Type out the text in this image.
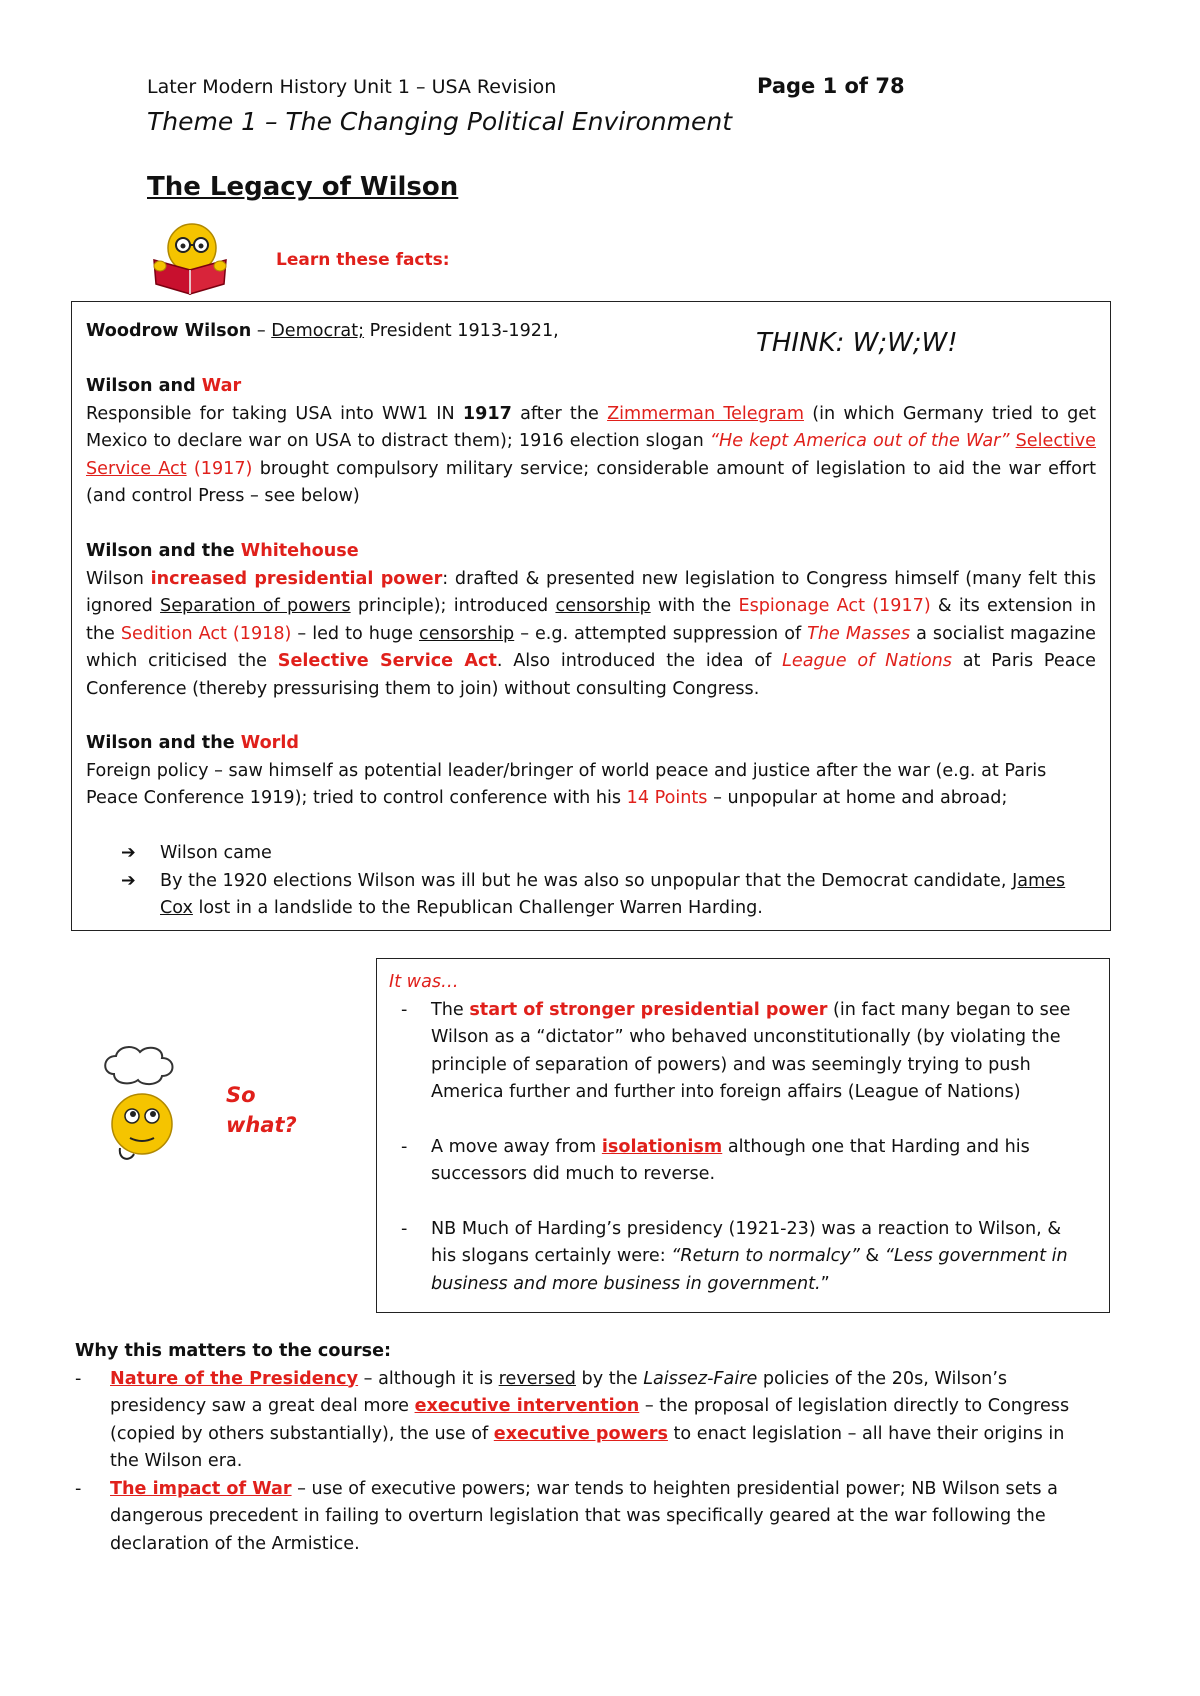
Later Modern History Unit 1 – USA Revision	Page 1 of 78
Theme 1 – The Changing Political Environment
The Legacy of Wilson
Learn these facts:
Woodrow Wilson – Democrat; President 1913-1921,	THINK: W;W;W!
Wilson and War
Responsible for taking USA into WW1 IN 1917 after the Zimmerman Telegram (in which Germany tried to get Mexico to declare war on USA to distract them); 1916 election slogan “He kept America out of the War” Selective Service Act (1917) brought compulsory military service; considerable amount of legislation to aid the war effort (and control Press – see below)
Wilson and the Whitehouse
Wilson increased presidential power: drafted & presented new legislation to Congress himself (many felt this ignored Separation of powers principle); introduced censorship with the Espionage Act (1917) & its extension in the Sedition Act (1918) – led to huge censorship – e.g. attempted suppression of The Masses a socialist magazine which criticised the Selective Service Act. Also introduced the idea of League of Nations at Paris Peace Conference (thereby pressurising them to join) without consulting Congress.
Wilson and the World
Foreign policy – saw himself as potential leader/bringer of world peace and justice after the war (e.g. at Paris Peace Conference 1919); tried to control conference with his 14 Points – unpopular at home and abroad;
➔ Wilson came
➔ By the 1920 elections Wilson was ill but he was also so unpopular that the Democrat candidate, James Cox lost in a landslide to the Republican Challenger Warren Harding.
So
what?
It was…
- The start of stronger presidential power (in fact many began to see Wilson as a “dictator” who behaved unconstitutionally (by violating the principle of separation of powers) and was seemingly trying to push America further and further into foreign affairs (League of Nations)
- A move away from isolationism although one that Harding and his successors did much to reverse.
- NB Much of Harding’s presidency (1921-23) was a reaction to Wilson, & his slogans certainly were: “Return to normalcy” & “Less government in business and more business in government.”
Why this matters to the course:
- Nature of the Presidency – although it is reversed by the Laissez-Faire policies of the 20s, Wilson’s presidency saw a great deal more executive intervention – the proposal of legislation directly to Congress (copied by others substantially), the use of executive powers to enact legislation – all have their origins in the Wilson era.
- The impact of War – use of executive powers; war tends to heighten presidential power; NB Wilson sets a dangerous precedent in failing to overturn legislation that was specifically geared at the war following the declaration of the Armistice.
